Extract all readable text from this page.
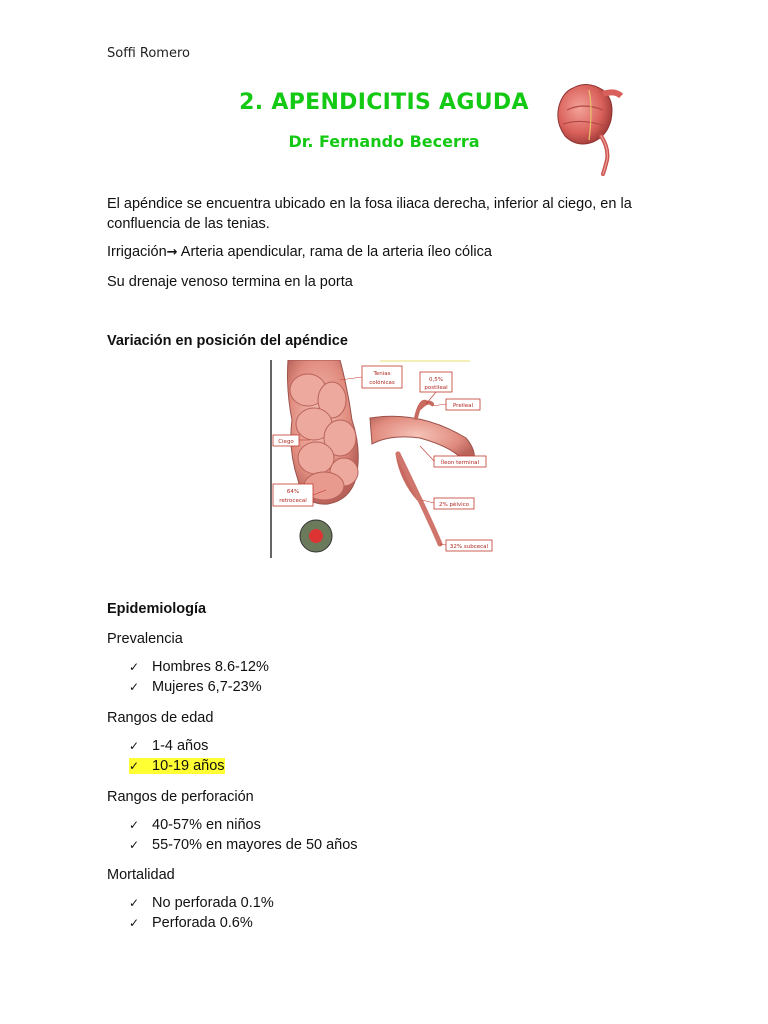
Soffi Romero
2. APENDICITIS AGUDA
Dr. Fernando Becerra
El apéndice se encuentra ubicado en la fosa iliaca derecha, inferior al ciego, en la confluencia de las tenias.
Irrigación→ Arteria apendicular, rama de la arteria íleo cólica
Su drenaje venoso termina en la porta
Variación en posición del apéndice
Tenias
colónicas	0,5%
postileal
Preileal
Ciego
Íleon terminal
64%
retrocecal
2% pélvico
32% subcecal
Epidemiología
Prevalencia
✓ Hombres 8.6-12%
✓ Mujeres 6,7-23%
Rangos de edad
✓ 1-4 años
✓ 10-19 años
Rangos de perforación
✓ 40-57% en niños
✓ 55-70% en mayores de 50 años
Mortalidad
✓ No perforada 0.1%
✓ Perforada 0.6%
